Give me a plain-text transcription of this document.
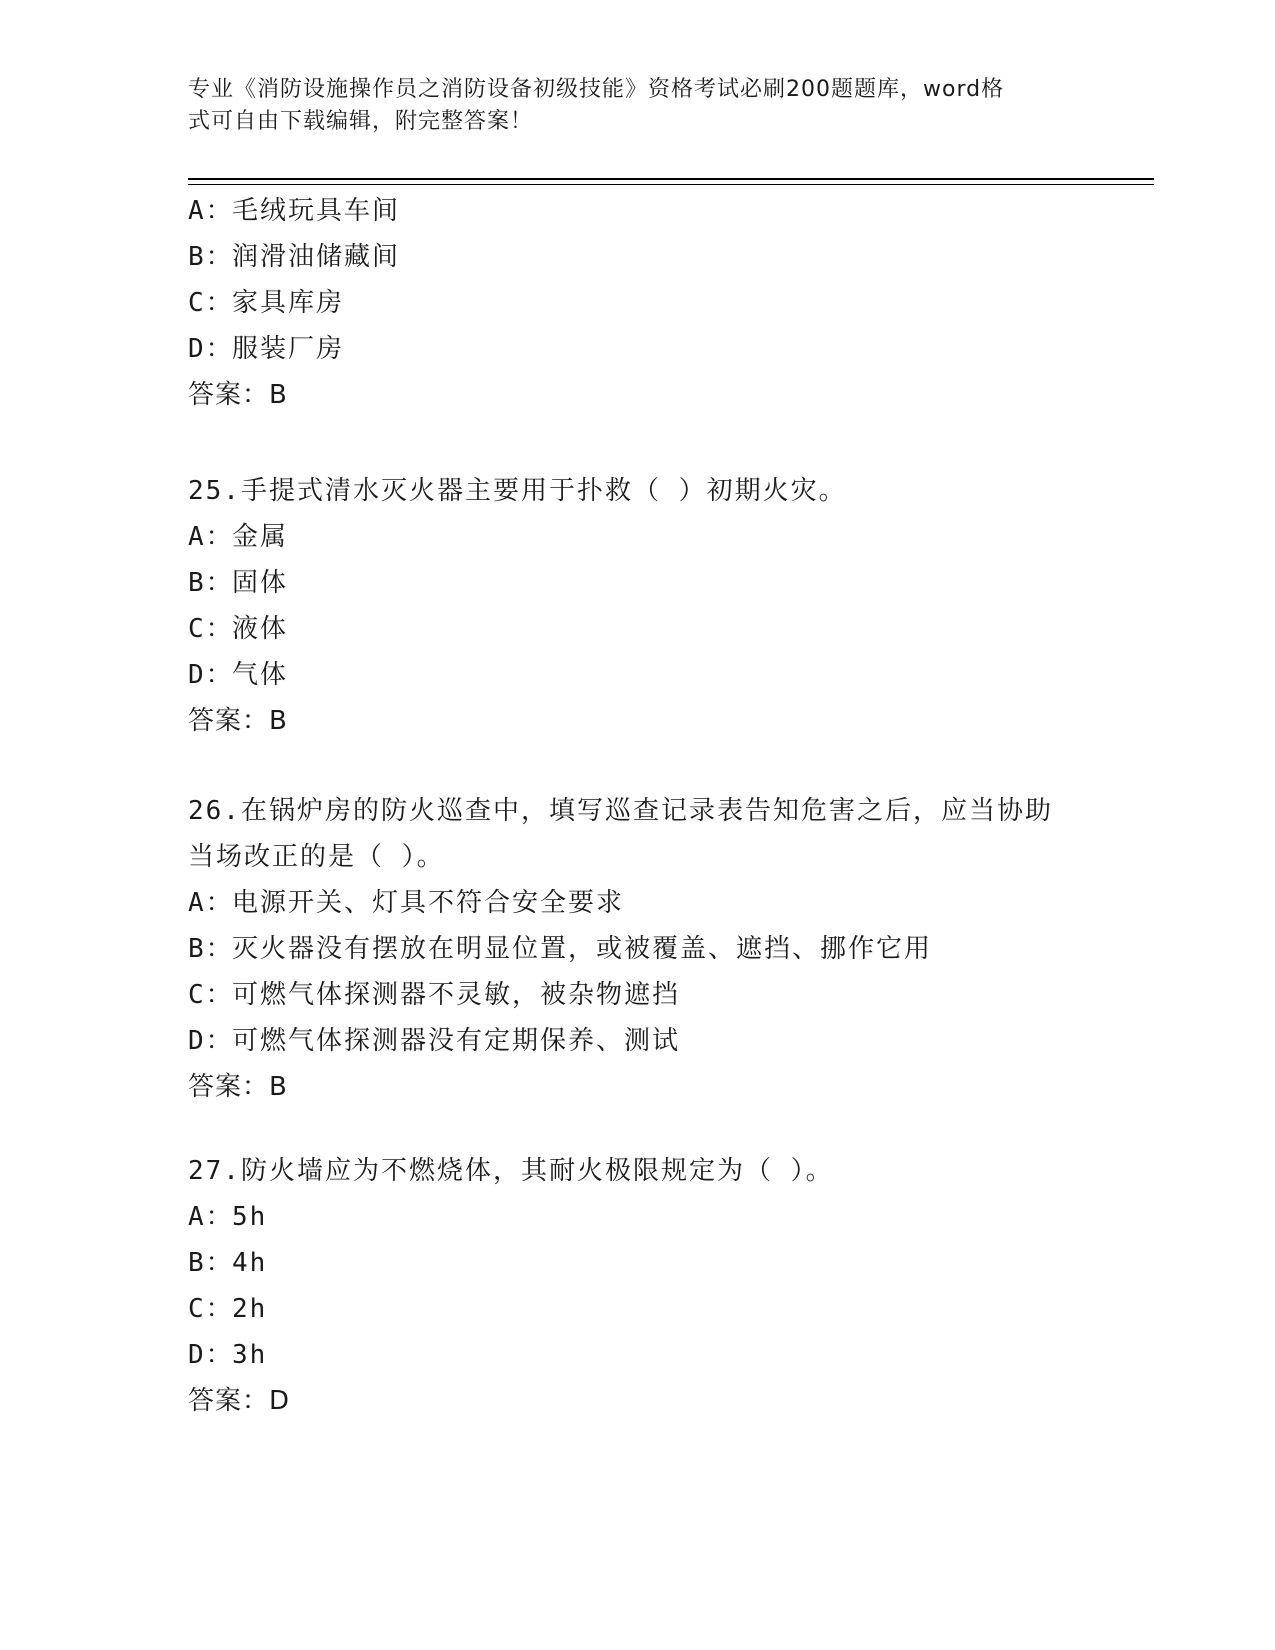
专业《消防设施操作员之消防设备初级技能》资格考试必刷200题题库，word格
式可自由下载编辑，附完整答案！
A：毛绒玩具车间
B：润滑油储藏间
C：家具库房
D：服装厂房
答案：B
25.手提式清水灭火器主要用于扑救（ ）初期火灾。
A：金属
B：固体
C：液体
D：气体
答案：B
26.在锅炉房的防火巡查中，填写巡查记录表告知危害之后，应当协助
当场改正的是（ ）。
A：电源开关、灯具不符合安全要求
B：灭火器没有摆放在明显位置，或被覆盖、遮挡、挪作它用
C：可燃气体探测器不灵敏，被杂物遮挡
D：可燃气体探测器没有定期保养、测试
答案：B
27.防火墙应为不燃烧体，其耐火极限规定为（ ）。
A：5h
B：4h
C：2h
D：3h
答案：D
